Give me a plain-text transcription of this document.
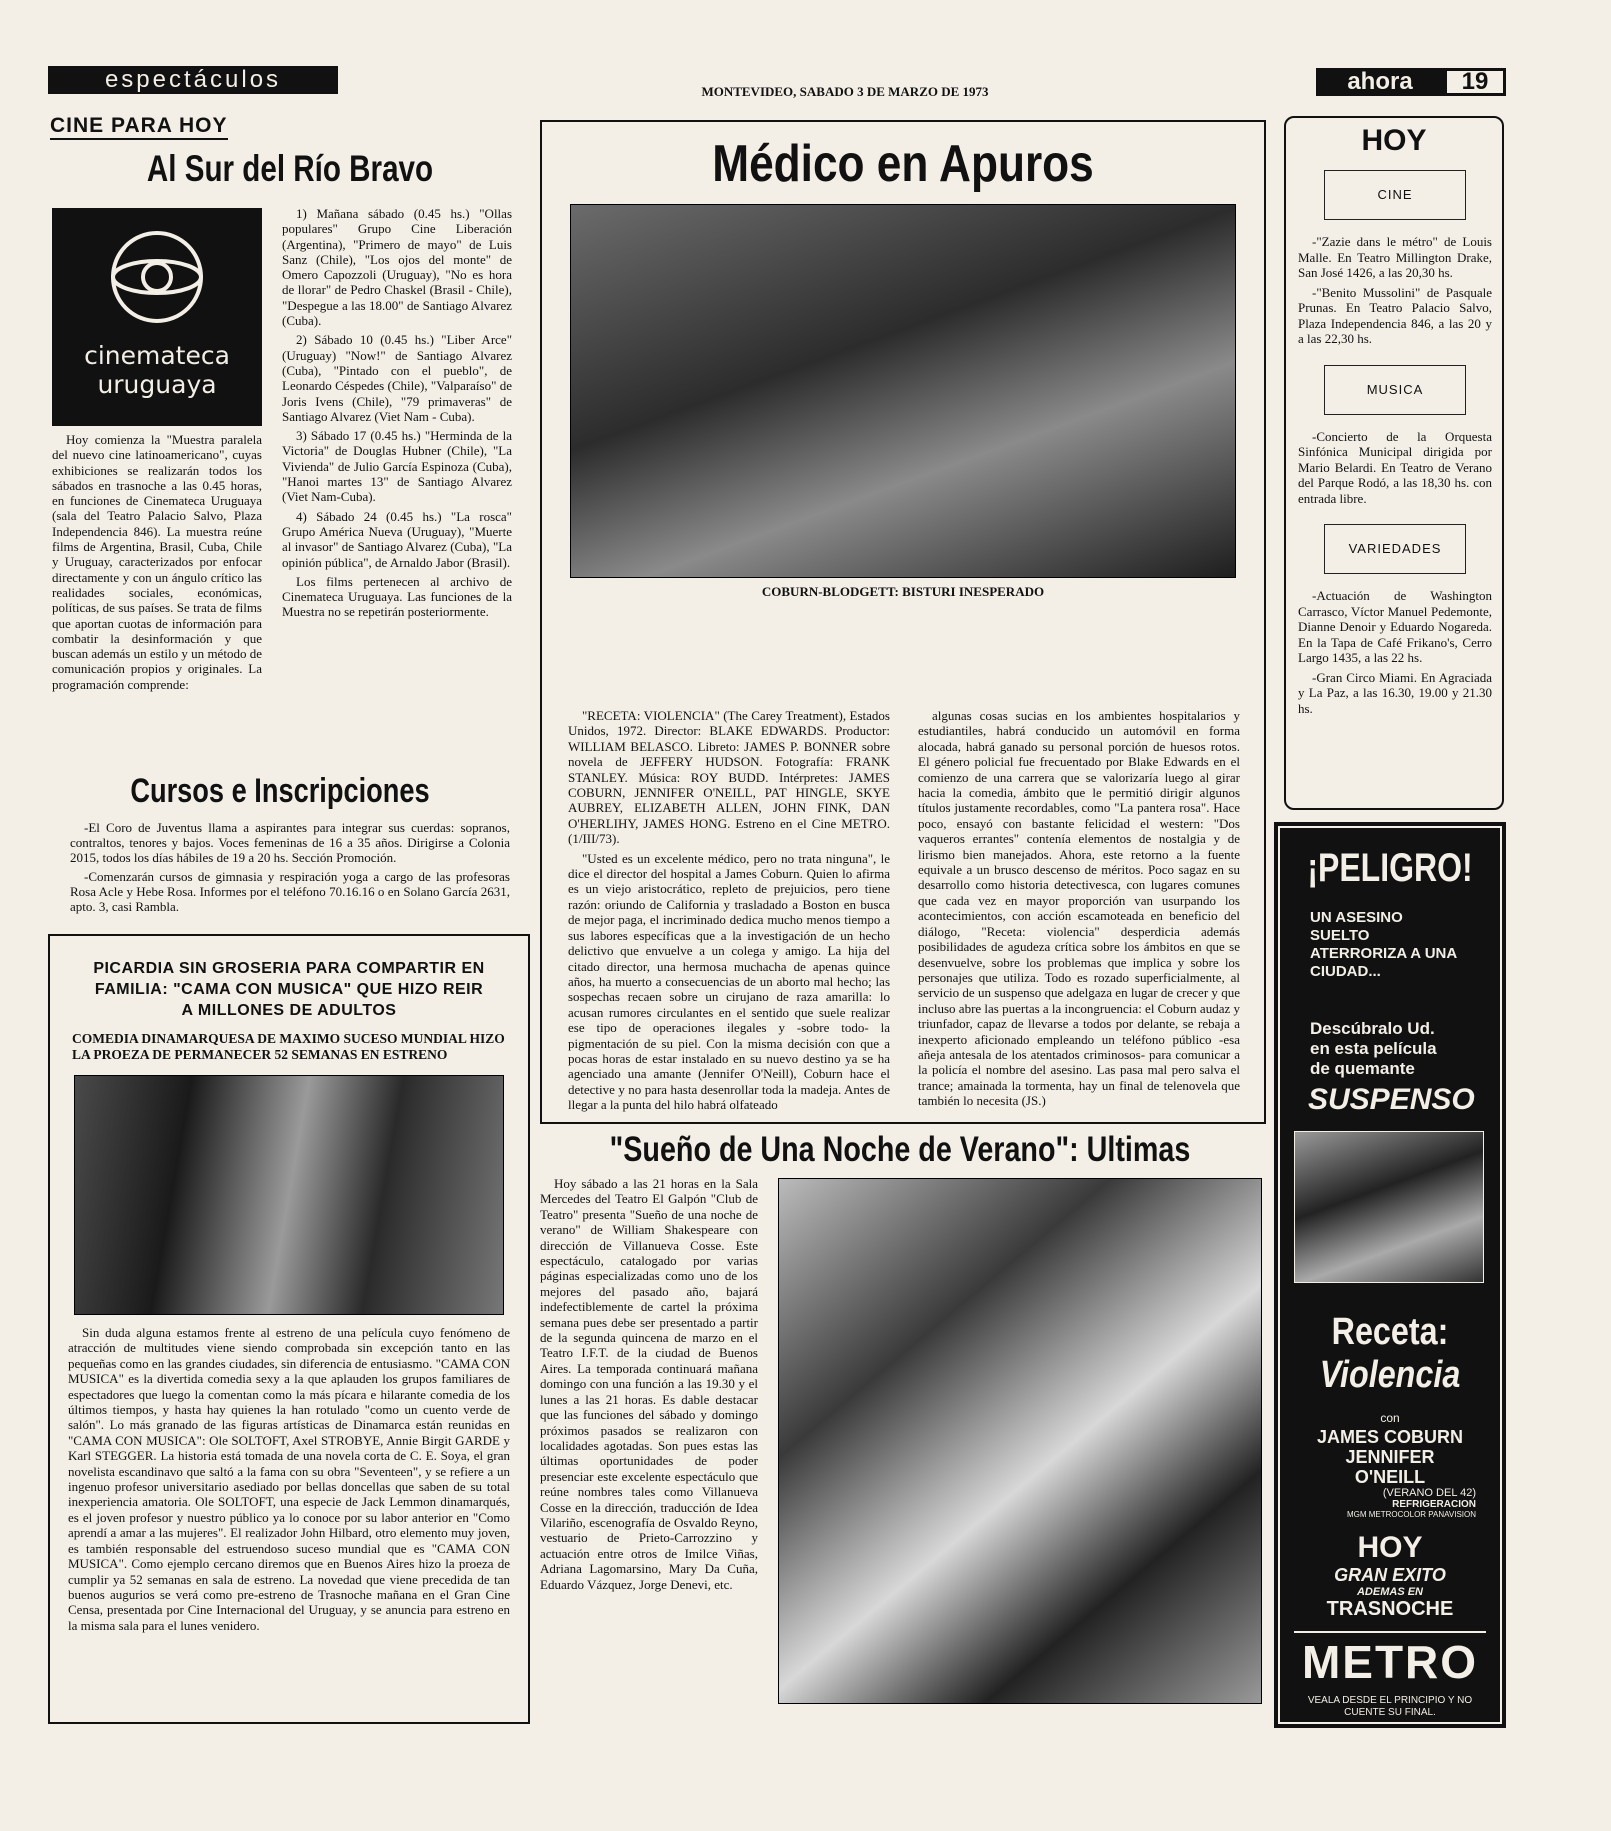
espectáculos	MONTEVIDEO, SABADO 3 DE MARZO DE 1973	ahora	19
CINE PARA HOY
Al Sur del Río Bravo
cinemateca
uruguaya

Hoy comienza la "Muestra paralela del nuevo cine latinoamericano", cuyas exhibiciones se realizarán todos los sábados en trasnoche a las 0.45 horas, en funciones de Cinemateca Uruguaya (sala del Teatro Palacio Salvo, Plaza Independencia 846). La muestra reúne films de Argentina, Brasil, Cuba, Chile y Uruguay, caracterizados por enfocar directamente y con un ángulo crítico las realidades sociales, económicas, políticas, de sus países. Se trata de films que aportan cuotas de información para combatir la desinformación y que buscan además un estilo y un método de comunicación propios y originales. La programación comprende:

1) Mañana sábado (0.45 hs.) "Ollas populares" Grupo Cine Liberación (Argentina), "Primero de mayo" de Luis Sanz (Chile), "Los ojos del monte" de Omero Capozzoli (Uruguay), "No es hora de llorar" de Pedro Chaskel (Brasil - Chile), "Despegue a las 18.00" de Santiago Alvarez (Cuba).

2) Sábado 10 (0.45 hs.) "Liber Arce" (Uruguay) "Now!" de Santiago Alvarez (Cuba), "Pintado con el pueblo", de Leonardo Céspedes (Chile), "Valparaíso" de Joris Ivens (Chile), "79 primaveras" de Santiago Alvarez (Viet Nam - Cuba).

3) Sábado 17 (0.45 hs.) "Herminda de la Victoria" de Douglas Hubner (Chile), "La Vivienda" de Julio García Espinoza (Cuba), "Hanoi martes 13" de Santiago Alvarez (Viet Nam-Cuba).

4) Sábado 24 (0.45 hs.) "La rosca" Grupo América Nueva (Uruguay), "Muerte al invasor" de Santiago Alvarez (Cuba), "La opinión pública", de Arnaldo Jabor (Brasil).

Los films pertenecen al archivo de Cinemateca Uruguaya. Las funciones de la Muestra no se repetirán posteriormente.

Cursos e Inscripciones

-El Coro de Juventus llama a aspirantes para integrar sus cuerdas: sopranos, contraltos, tenores y bajos. Voces femeninas de 16 a 35 años. Dirigirse a Colonia 2015, todos los días hábiles de 19 a 20 hs. Sección Promoción.

-Comenzarán cursos de gimnasia y respiración yoga a cargo de las profesoras Rosa Acle y Hebe Rosa. Informes por el teléfono 70.16.16 o en Solano García 2631, apto. 3, casi Rambla.

PICARDIA SIN GROSERIA PARA COMPARTIR EN FAMILIA: "CAMA CON MUSICA" QUE HIZO REIR A MILLONES DE ADULTOS
COMEDIA DINAMARQUESA DE MAXIMO SUCESO MUNDIAL HIZO LA PROEZA DE PERMANECER 52 SEMANAS EN ESTRENO

Sin duda alguna estamos frente al estreno de una película cuyo fenómeno de atracción de multitudes viene siendo comprobada sin excepción tanto en las pequeñas como en las grandes ciudades, sin diferencia de entusiasmo. "CAMA CON MUSICA" es la divertida comedia sexy a la que aplauden los grupos familiares de espectadores que luego la comentan como la más pícara e hilarante comedia de los últimos tiempos, y hasta hay quienes la han rotulado "como un cuento verde de salón". Lo más granado de las figuras artísticas de Dinamarca están reunidas en "CAMA CON MUSICA": Ole SOLTOFT, Axel STROBYE, Annie Birgit GARDE y Karl STEGGER. La historia está tomada de una novela corta de C. E. Soya, el gran novelista escandinavo que saltó a la fama con su obra "Seventeen", y se refiere a un ingenuo profesor universitario asediado por bellas doncellas que saben de su total inexperiencia amatoria. Ole SOLTOFT, una especie de Jack Lemmon dinamarqués, es el joven profesor y nuestro público ya lo conoce por su labor anterior en "Como aprendí a amar a las mujeres". El realizador John Hilbard, otro elemento muy joven, es también responsable del estruendoso suceso mundial que es "CAMA CON MUSICA". Como ejemplo cercano diremos que en Buenos Aires hizo la proeza de cumplir ya 52 semanas en sala de estreno. La novedad que viene precedida de tan buenos augurios se verá como pre-estreno de Trasnoche mañana en el Gran Cine Censa, presentada por Cine Internacional del Uruguay, y se anuncia para estreno en la misma sala para el lunes venidero.

Médico en Apuros
COBURN-BLODGETT: BISTURI INESPERADO

"RECETA: VIOLENCIA" (The Carey Treatment), Estados Unidos, 1972. Director: BLAKE EDWARDS. Productor: WILLIAM BELASCO. Libreto: JAMES P. BONNER sobre novela de JEFFERY HUDSON. Fotografía: FRANK STANLEY. Música: ROY BUDD. Intérpretes: JAMES COBURN, JENNIFER O'NEILL, PAT HINGLE, SKYE AUBREY, ELIZABETH ALLEN, JOHN FINK, DAN O'HERLIHY, JAMES HONG. Estreno en el Cine METRO. (1/III/73).

"Usted es un excelente médico, pero no trata ninguna", le dice el director del hospital a James Coburn. Quien lo afirma es un viejo aristocrático, repleto de prejuicios, pero tiene razón: oriundo de California y trasladado a Boston en busca de mejor paga, el incriminado dedica mucho menos tiempo a sus labores específicas que a la investigación de un hecho delictivo que envuelve a un colega y amigo. La hija del citado director, una hermosa muchacha de apenas quince años, ha muerto a consecuencias de un aborto mal hecho; las sospechas recaen sobre un cirujano de raza amarilla: lo acusan rumores circulantes en el sentido que suele realizar ese tipo de operaciones ilegales y -sobre todo- la pigmentación de su piel. Con la misma decisión con que a pocas horas de estar instalado en su nuevo destino ya se ha agenciado una amante (Jennifer O'Neill), Coburn hace el detective y no para hasta desenrollar toda la madeja. Antes de llegar a la punta del hilo habrá olfateado

algunas cosas sucias en los ambientes hospitalarios y estudiantiles, habrá conducido un automóvil en forma alocada, habrá ganado su personal porción de huesos rotos. El género policial fue frecuentado por Blake Edwards en el comienzo de una carrera que se valorizaría luego al girar hacia la comedia, ámbito que le permitió dirigir algunos títulos justamente recordables, como "La pantera rosa". Hace poco, ensayó con bastante felicidad el western: "Dos vaqueros errantes" contenía elementos de nostalgia y de lirismo bien manejados. Ahora, este retorno a la fuente equivale a un brusco descenso de méritos. Poco sagaz en su desarrollo como historia detectivesca, con lugares comunes que cada vez en mayor proporción van usurpando los acontecimientos, con acción escamoteada en beneficio del diálogo, "Receta: violencia" desperdicia además posibilidades de agudeza crítica sobre los ámbitos en que se desenvuelve, sobre los problemas que implica y sobre los personajes que utiliza. Todo es rozado superficialmente, al servicio de un suspenso que adelgaza en lugar de crecer y que incluso abre las puertas a la incongruencia: el Coburn audaz y triunfador, capaz de llevarse a todos por delante, se rebaja a inexperto aficionado empleando un teléfono público -esa añeja antesala de los atentados criminosos- para comunicar a la policía el nombre del asesino. Las pasa mal pero salva el trance; amainada la tormenta, hay un final de telenovela que también lo necesita (JS.)

"Sueño de Una Noche de Verano": Ultimas

Hoy sábado a las 21 horas en la Sala Mercedes del Teatro El Galpón "Club de Teatro" presenta "Sueño de una noche de verano" de William Shakespeare con dirección de Villanueva Cosse. Este espectáculo, catalogado por varias páginas especializadas como uno de los mejores del pasado año, bajará indefectiblemente de cartel la próxima semana pues debe ser presentado a partir de la segunda quincena de marzo en el Teatro I.F.T. de la ciudad de Buenos Aires. La temporada continuará mañana domingo con una función a las 19.30 y el lunes a las 21 horas. Es dable destacar que las funciones del sábado y domingo próximos pasados se realizaron con localidades agotadas. Son pues estas las últimas oportunidades de poder presenciar este excelente espectáculo que reúne nombres tales como Villanueva Cosse en la dirección, traducción de Idea Vilariño, escenografía de Osvaldo Reyno, vestuario de Prieto-Carrozzino y actuación entre otros de Imilce Viñas, Adriana Lagomarsino, Mary Da Cuña, Eduardo Vázquez, Jorge Denevi, etc.

HOY
CINE

-"Zazie dans le métro" de Louis Malle. En Teatro Millington Drake, San José 1426, a las 20,30 hs.

-"Benito Mussolini" de Pasquale Prunas. En Teatro Palacio Salvo, Plaza Independencia 846, a las 20 y a las 22,30 hs.

MUSICA

-Concierto de la Orquesta Sinfónica Municipal dirigida por Mario Belardi. En Teatro de Verano del Parque Rodó, a las 18,30 hs. con entrada libre.

VARIEDADES

-Actuación de Washington Carrasco, Víctor Manuel Pedemonte, Dianne Denoir y Eduardo Nogareda. En la Tapa de Café Frikano's, Cerro Largo 1435, a las 22 hs.

-Gran Circo Miami. En Agraciada y La Paz, a las 16.30, 19.00 y 21.30 hs.

¡PELIGRO!
UN ASESINO SUELTO ATERRORIZA A UNA CIUDAD...
Descúbralo Ud. en esta película de quemante
SUSPENSO
Receta:
Violencia
con
JAMES COBURN JENNIFER O'NEILL
(VERANO DEL 42)
REFRIGERACION
MGM METROCOLOR PANAVISION
HOY
GRAN EXITO
ADEMAS EN
TRASNOCHE
METRO
VEALA DESDE EL PRINCIPIO Y NO CUENTE SU FINAL.
